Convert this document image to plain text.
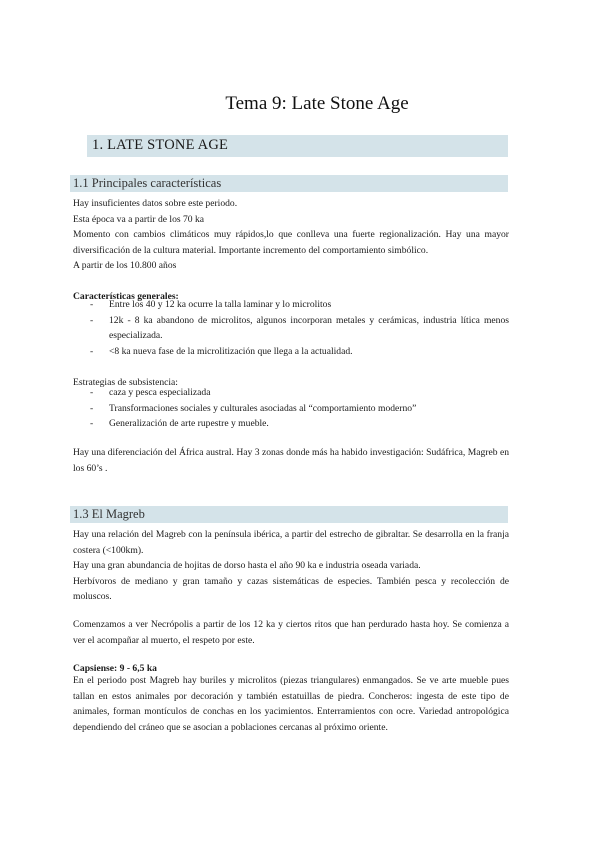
Tema 9: Late Stone Age
1. LATE STONE AGE
1.1 Principales características

Hay insuficientes datos sobre este periodo.

Esta época va a partir de los 70 ka

Momento con cambios climáticos muy rápidos,lo que conlleva una fuerte regionalización. Hay una mayor diversificación de la cultura material. Importante incremento del comportamiento simbólico.

A partir de los 10.800 años

Características generales:
- Entre los 40 y 12 ka ocurre la talla laminar y lo microlitos
- 12k - 8 ka abandono de microlitos, algunos incorporan metales y cerámicas, industria lítica menos especializada.
- <8 ka nueva fase de la microlitización que llega a la actualidad.
Estrategias de subsistencia:
- caza y pesca especializada
- Transformaciones sociales y culturales asociadas al “comportamiento moderno”
- Generalización de arte rupestre y mueble.
Hay una diferenciación del África austral. Hay 3 zonas donde más ha habido investigación: Sudáfrica, Magreb en los 60’s .
1.3 El Magreb

Hay una relación del Magreb con la península ibérica, a partir del estrecho de gibraltar. Se desarrolla en la franja costera (<100km).

Hay una gran abundancia de hojitas de dorso hasta el año 90 ka e industria oseada variada.

Herbívoros de mediano y gran tamaño y cazas sistemáticas de especies. También pesca y recolección de moluscos.

Comenzamos a ver Necrópolis a partir de los 12 ka y ciertos ritos que han perdurado hasta hoy. Se comienza a ver el acompañar al muerto, el respeto por este.
Capsiense: 9 - 6,5 ka
En el periodo post Magreb hay buriles y microlitos (piezas triangulares) enmangados. Se ve arte mueble pues tallan en estos animales por decoración y también estatuillas de piedra. Concheros: ingesta de este tipo de animales, forman montículos de conchas en los yacimientos. Enterramientos con ocre. Variedad antropológica dependiendo del cráneo que se asocian a poblaciones cercanas al próximo oriente.
